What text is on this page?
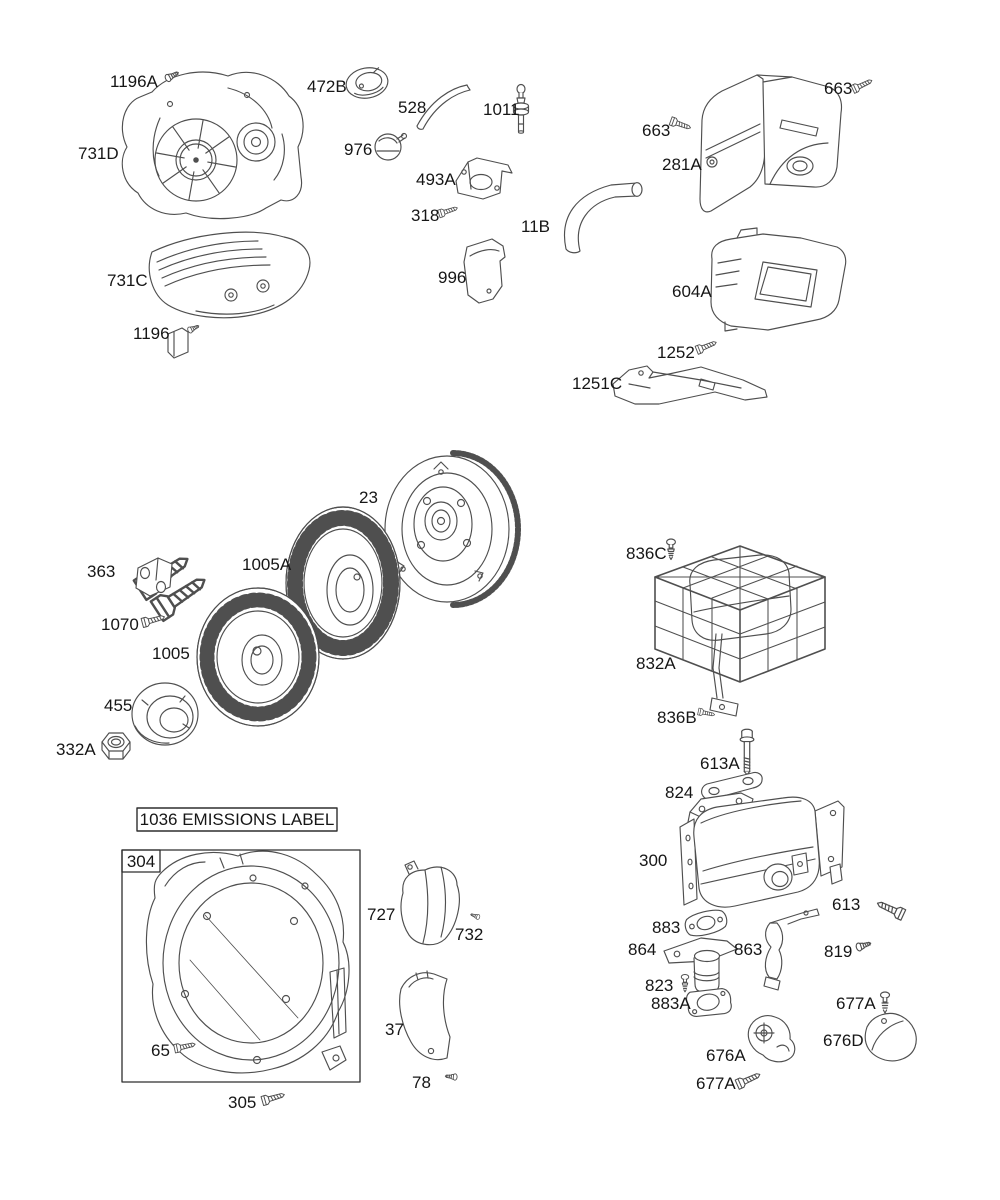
1036 EMISSIONS LABEL
304
1196A
731D
472B
528	1011
976
493A
318
11B
996
731C
1196
663
663
281A
604A
1252
1251C
23
363	1005A
1070
1005
455
332A
836C
832A
836B
613A
824
300
883
864	863
613
819
823
883A	677A
676D
676A
677A
727
732
37
78
65
305
